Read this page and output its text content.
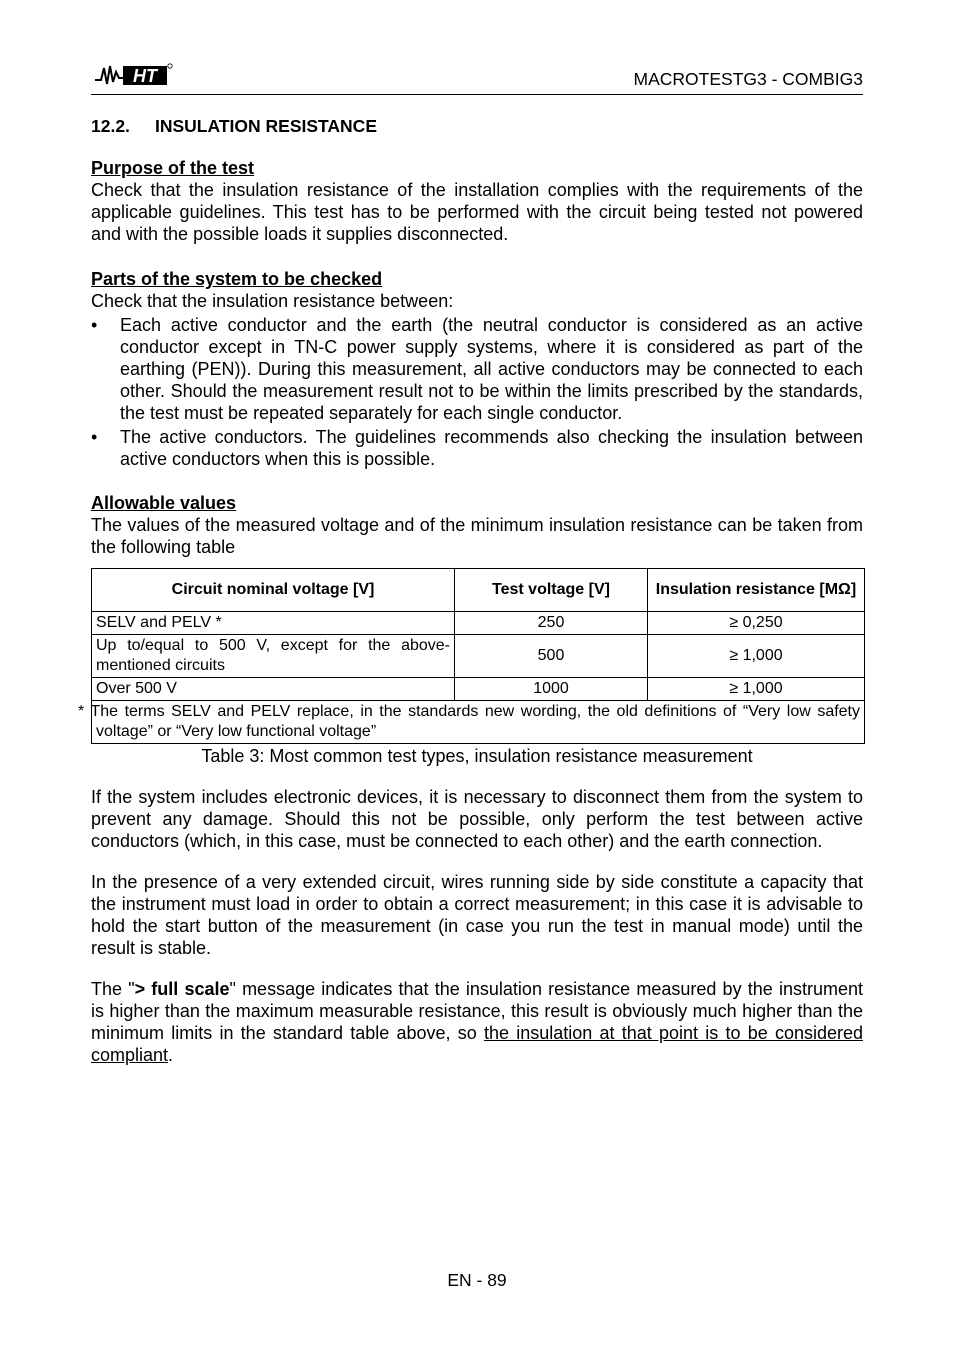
HT	MACROTESTG3 - COMBIG3
12.2. INSULATION RESISTANCE
Purpose of the test

Check that the insulation resistance of the installation complies with the requirements of the applicable guidelines. This test has to be performed with the circuit being tested not powered and with the possible loads it supplies disconnected.

Parts of the system to be checked

Check that the insulation resistance between:

• Each active conductor and the earth (the neutral conductor is considered as an active conductor except in TN-C power supply systems, where it is considered as part of the earthing (PEN)). During this measurement, all active conductors may be connected to each other. Should the measurement result not to be within the limits prescribed by the standards, the test must be repeated separately for each single conductor.
• The active conductors. The guidelines recommends also checking the insulation between active conductors when this is possible.
Allowable values

The values of the measured voltage and of the minimum insulation resistance can be taken from the following table

Circuit nominal voltage [V]	Test voltage [V]	Insulation resistance [MΩ]
SELV and PELV *	250	≥ 0,250
Up to/equal to 500 V, except for the above-mentioned circuits	500	≥ 1,000
Over 500 V	1000	≥ 1,000
* The terms SELV and PELV replace, in the standards new wording, the old definitions of “Very low safety voltage” or “Very low functional voltage”		
Table 3: Most common test types, insulation resistance measurement

If the system includes electronic devices, it is necessary to disconnect them from the system to prevent any damage. Should this not be possible, only perform the test between active conductors (which, in this case, must be connected to each other) and the earth connection.

In the presence of a very extended circuit, wires running side by side constitute a capacity that the instrument must load in order to obtain a correct measurement; in this case it is advisable to hold the start button of the measurement (in case you run the test in manual mode) until the result is stable.

The "> full scale" message indicates that the insulation resistance measured by the instrument is higher than the maximum measurable resistance, this result is obviously much higher than the minimum limits in the standard table above, so the insulation at that point is to be considered compliant.

EN - 89
